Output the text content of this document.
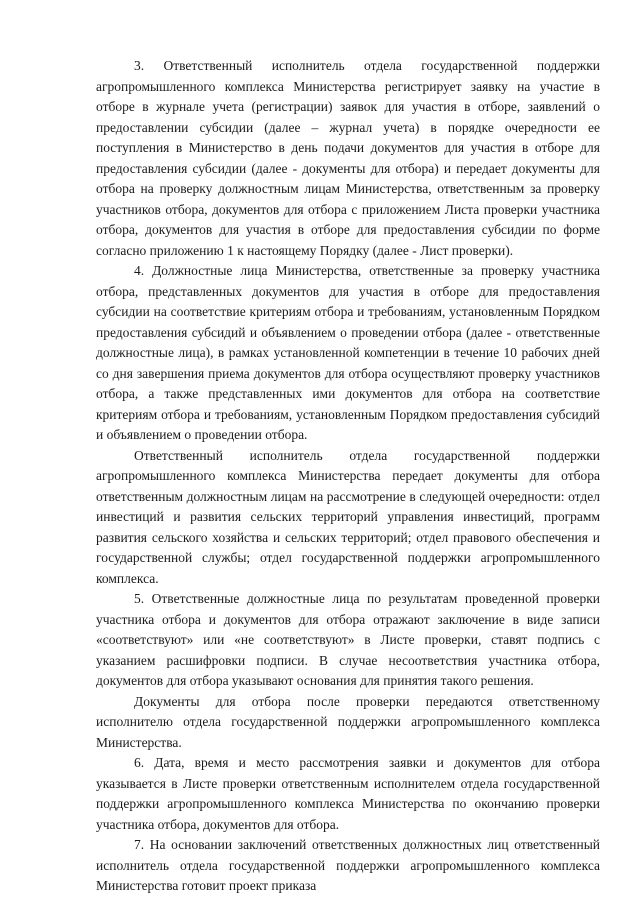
3. Ответственный исполнитель отдела государственной поддержки агропромышленного комплекса Министерства регистрирует заявку на участие в отборе в журнале учета (регистрации) заявок для участия в отборе, заявлений о предоставлении субсидии (далее – журнал учета) в порядке очередности ее поступления в Министерство в день подачи документов для участия в отборе для предоставления субсидии (далее - документы для отбора) и передает документы для отбора на проверку должностным лицам Министерства, ответственным за проверку участников отбора, документов для отбора с приложением Листа проверки участника отбора, документов для участия в отборе для предоставления субсидии по форме согласно приложению 1 к настоящему Порядку (далее - Лист проверки).

4. Должностные лица Министерства, ответственные за проверку участника отбора, представленных документов для участия в отборе для предоставления субсидии на соответствие критериям отбора и требованиям, установленным Порядком предоставления субсидий и объявлением о проведении отбора (далее - ответственные должностные лица), в рамках установленной компетенции в течение 10 рабочих дней со дня завершения приема документов для отбора осуществляют проверку участников отбора, а также представленных ими документов для отбора на соответствие критериям отбора и требованиям, установленным Порядком предоставления субсидий и объявлением о проведении отбора.

Ответственный исполнитель отдела государственной поддержки агропромышленного комплекса Министерства передает документы для отбора ответственным должностным лицам на рассмотрение в следующей очередности: отдел инвестиций и развития сельских территорий управления инвестиций, программ развития сельского хозяйства и сельских территорий; отдел правового обеспечения и государственной службы; отдел государственной поддержки агропромышленного комплекса.

5. Ответственные должностные лица по результатам проведенной проверки участника отбора и документов для отбора отражают заключение в виде записи «соответствуют» или «не соответствуют» в Листе проверки, ставят подпись с указанием расшифровки подписи. В случае несоответствия участника отбора, документов для отбора указывают основания для принятия такого решения.

Документы для отбора после проверки передаются ответственному исполнителю отдела государственной поддержки агропромышленного комплекса Министерства.

6. Дата, время и место рассмотрения заявки и документов для отбора указывается в Листе проверки ответственным исполнителем отдела государственной поддержки агропромышленного комплекса Министерства по окончанию проверки участника отбора, документов для отбора.

7. На основании заключений ответственных должностных лиц ответственный исполнитель отдела государственной поддержки агропромышленного комплекса Министерства готовит проект приказа
